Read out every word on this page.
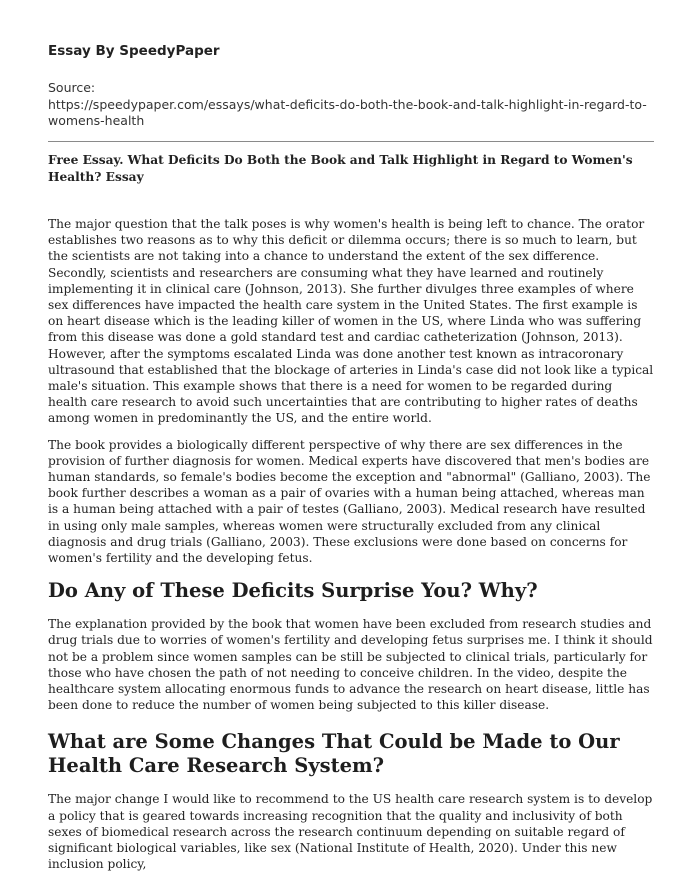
Essay By SpeedyPaper
Source:
https://speedypaper.com/essays/what-deficits-do-both-the-book-and-talk-highlight-in-regard-to-womens-health
Free Essay. What Deficits Do Both the Book and Talk Highlight in Regard to Women's Health? Essay

The major question that the talk poses is why women's health is being left to chance. The orator establishes two reasons as to why this deficit or dilemma occurs; there is so much to learn, but the scientists are not taking into a chance to understand the extent of the sex difference. Secondly, scientists and researchers are consuming what they have learned and routinely implementing it in clinical care (Johnson, 2013). She further divulges three examples of where sex differences have impacted the health care system in the United States. The first example is on heart disease which is the leading killer of women in the US, where Linda who was suffering from this disease was done a gold standard test and cardiac catheterization (Johnson, 2013). However, after the symptoms escalated Linda was done another test known as intracoronary ultrasound that established that the blockage of arteries in Linda's case did not look like a typical male's situation. This example shows that there is a need for women to be regarded during health care research to avoid such uncertainties that are contributing to higher rates of deaths among women in predominantly the US, and the entire world.

The book provides a biologically different perspective of why there are sex differences in the provision of further diagnosis for women. Medical experts have discovered that men's bodies are human standards, so female's bodies become the exception and "abnormal" (Galliano, 2003). The book further describes a woman as a pair of ovaries with a human being attached, whereas man is a human being attached with a pair of testes (Galliano, 2003). Medical research have resulted in using only male samples, whereas women were structurally excluded from any clinical diagnosis and drug trials (Galliano, 2003). These exclusions were done based on concerns for women's fertility and the developing fetus.

Do Any of These Deficits Surprise You? Why?

The explanation provided by the book that women have been excluded from research studies and drug trials due to worries of women's fertility and developing fetus surprises me. I think it should not be a problem since women samples can be still be subjected to clinical trials, particularly for those who have chosen the path of not needing to conceive children. In the video, despite the healthcare system allocating enormous funds to advance the research on heart disease, little has been done to reduce the number of women being subjected to this killer disease.

What are Some Changes That Could be Made to Our Health Care Research System?

The major change I would like to recommend to the US health care research system is to develop a policy that is geared towards increasing recognition that the quality and inclusivity of both sexes of biomedical research across the research continuum depending on suitable regard of significant biological variables, like sex (National Institute of Health, 2020). Under this new inclusion policy,
